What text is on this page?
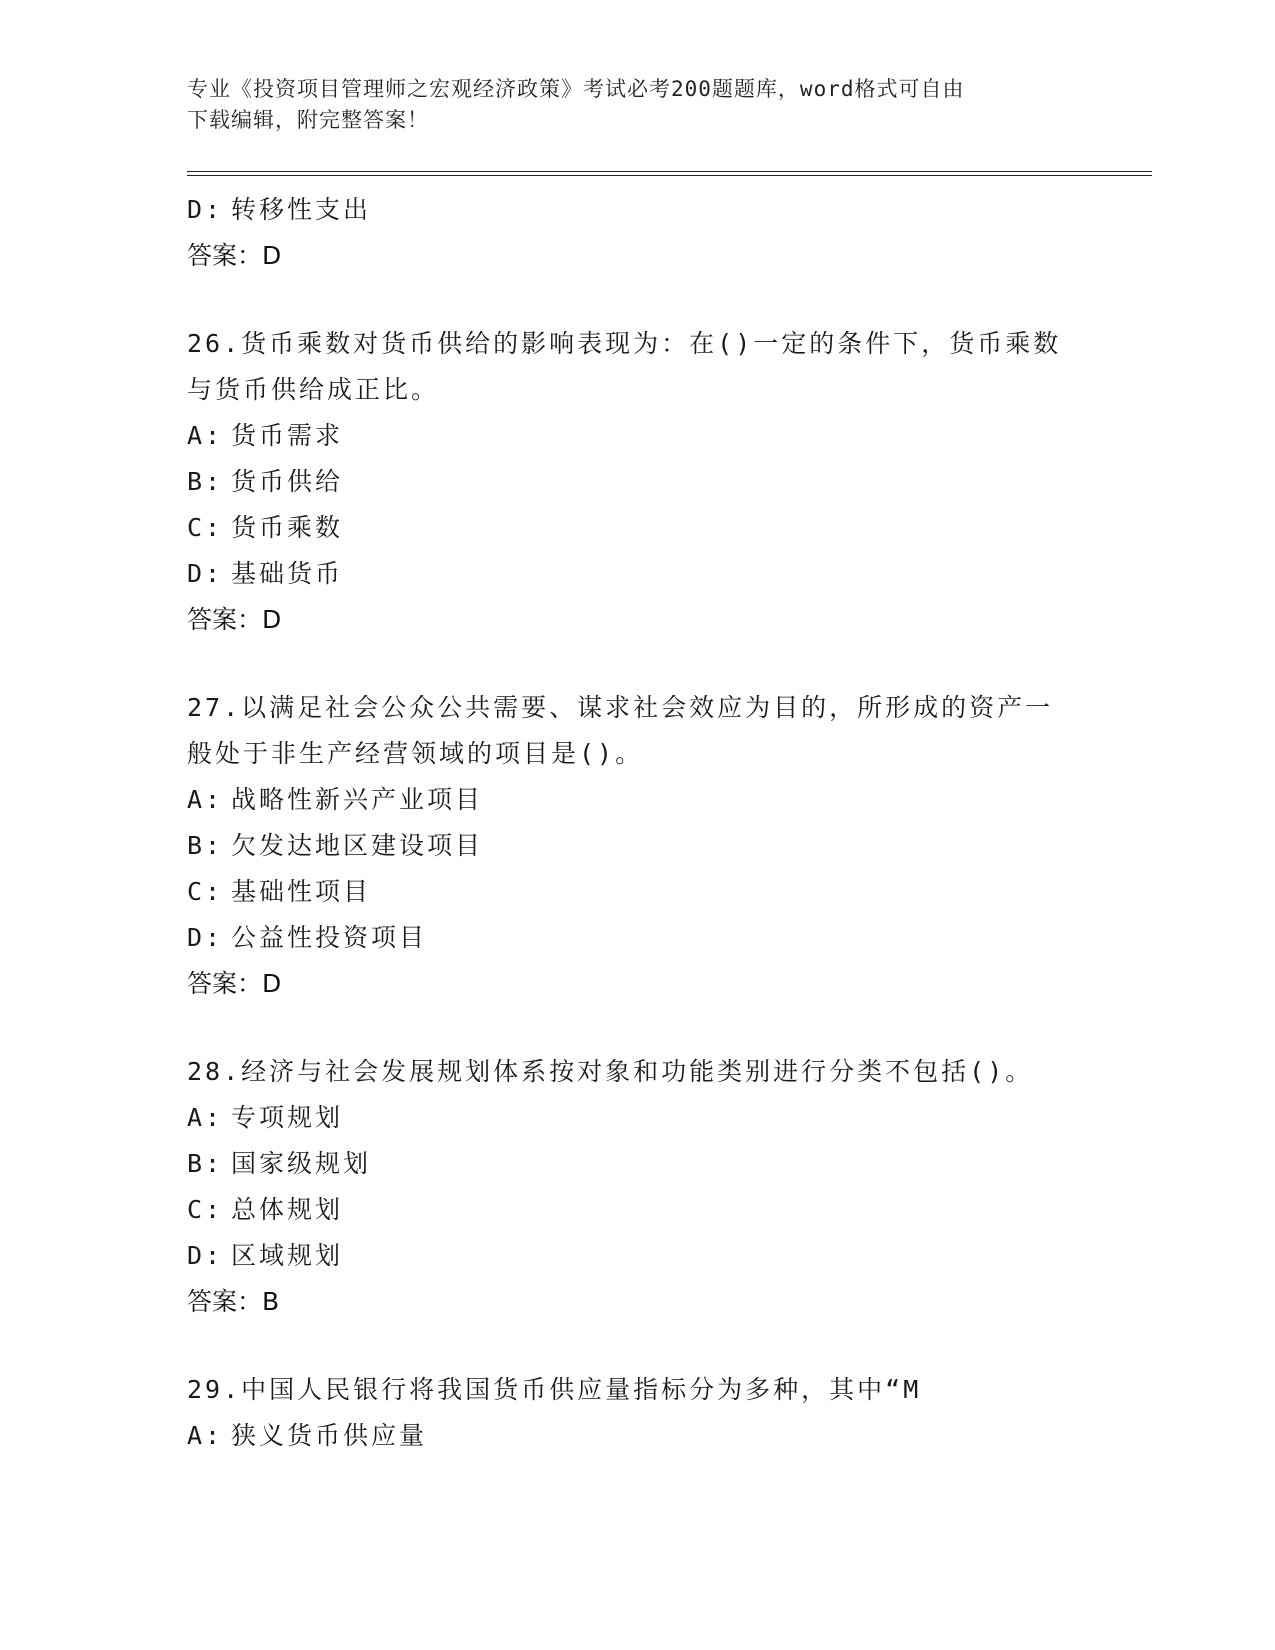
专业《投资项目管理师之宏观经济政策》考试必考200题题库，word格式可自由
下载编辑，附完整答案！
D: 转移性支出
答案：D
26.货币乘数对货币供给的影响表现为：在()一定的条件下，货币乘数与货币供给成正比。
A: 货币需求
B: 货币供给
C: 货币乘数
D: 基础货币
答案：D
27.以满足社会公众公共需要、谋求社会效应为目的，所形成的资产一般处于非生产经营领域的项目是()。
A: 战略性新兴产业项目
B: 欠发达地区建设项目
C: 基础性项目
D: 公益性投资项目
答案：D
28.经济与社会发展规划体系按对象和功能类别进行分类不包括()。
A: 专项规划
B: 国家级规划
C: 总体规划
D: 区域规划
答案：B
29.中国人民银行将我国货币供应量指标分为多种，其中“M
A: 狭义货币供应量
